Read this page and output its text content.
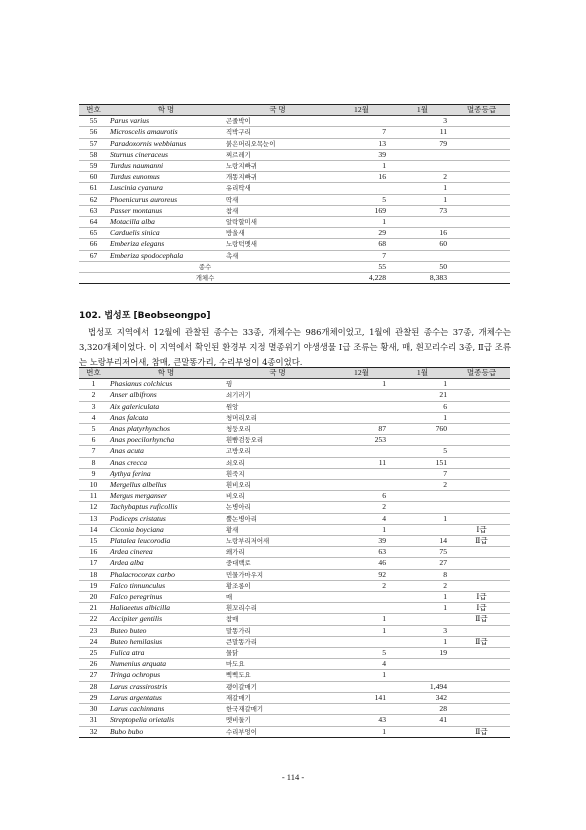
번호	학 명	국 명	12월	1월	멸종등급
55	Parus varius	곤줄박이		3	
56	Microscelis amaurotis	직박구리	7	11	
57	Paradoxornis webbianus	붉은머리오목눈이	13	79	
58	Sturnus cineraceus	찌르레기	39		
59	Turdus naumanni	노랑지빠귀	1		
60	Turdus eunomus	개똥지빠귀	16	2	
61	Luscinia cyanura	유리딱새		1	
62	Phoenicurus auroreus	딱새	5	1	
63	Passer montanus	참새	169	73	
64	Motacilla alba	알락할미새	1		
65	Carduelis sinica	방울새	29	16	
66	Emberiza elegans	노랑턱멧새	68	60	
67	Emberiza spodocephala	촉새	7		
종수			55	50	
개체수			4,228	8,383	
102. 법성포 [Beobseongpo]

법성포 지역에서 12월에 관찰된 종수는 33종, 개체수는 986개체이었고, 1월에 관찰된 종수는 37종, 개체수는 3,320개체이었다. 이 지역에서 확인된 환경부 지정 멸종위기 야생생물 Ⅰ급 조류는 황새, 매, 흰꼬리수리 3종, Ⅱ급 조류는 노랑부리저어새, 참매, 큰말똥가리, 수리부엉이 4종이었다.

번호	학 명	국 명	12월	1월	멸종등급
1	Phasianus colchicus	꿩	1	1	
2	Anser albifrons	쇠기러기		21	
3	Aix galericulata	원앙		6	
4	Anas falcata	청머리오리		1	
5	Anas platyrhynchos	청둥오리	87	760	
6	Anas poecilorhyncha	흰뺨검둥오리	253		
7	Anas acuta	고방오리		5	
8	Anas crecca	쇠오리	11	151	
9	Aythya ferina	흰죽지		7	
10	Mergellus albellus	흰비오리		2	
11	Mergus merganser	비오리	6		
12	Tachybaptus ruficollis	논병아리	2		
13	Podiceps cristatus	뿔논병아리	4	1	
14	Ciconia boyciana	황새	1		Ⅰ급
15	Platalea leucorodia	노랑부리저어새	39	14	Ⅱ급
16	Ardea cinerea	왜가리	63	75	
17	Ardea alba	중대백로	46	27	
18	Phalacrocorax carbo	민물가마우지	92	8	
19	Falco tinnunculus	황조롱이	2	2	
20	Falco peregrinus	매		1	Ⅰ급
21	Haliaeetus albicilla	흰꼬리수리		1	Ⅰ급
22	Accipiter gentilis	참매	1		Ⅱ급
23	Buteo buteo	말똥가리	1	3	
24	Buteo hemilasius	큰말똥가리		1	Ⅱ급
25	Fulica atra	물닭	5	19	
26	Numenius arquata	마도요	4		
27	Tringa ochropus	삑삑도요	1		
28	Larus crassirostris	괭이갈매기		1,494	
29	Larus argentatus	재갈매기	141	342	
30	Larus cachinnans	한국재갈매기		28	
31	Streptopelia orietalis	멧비둘기	43	41	
32	Bubo bubo	수리부엉이	1		Ⅱ급
- 114 -
